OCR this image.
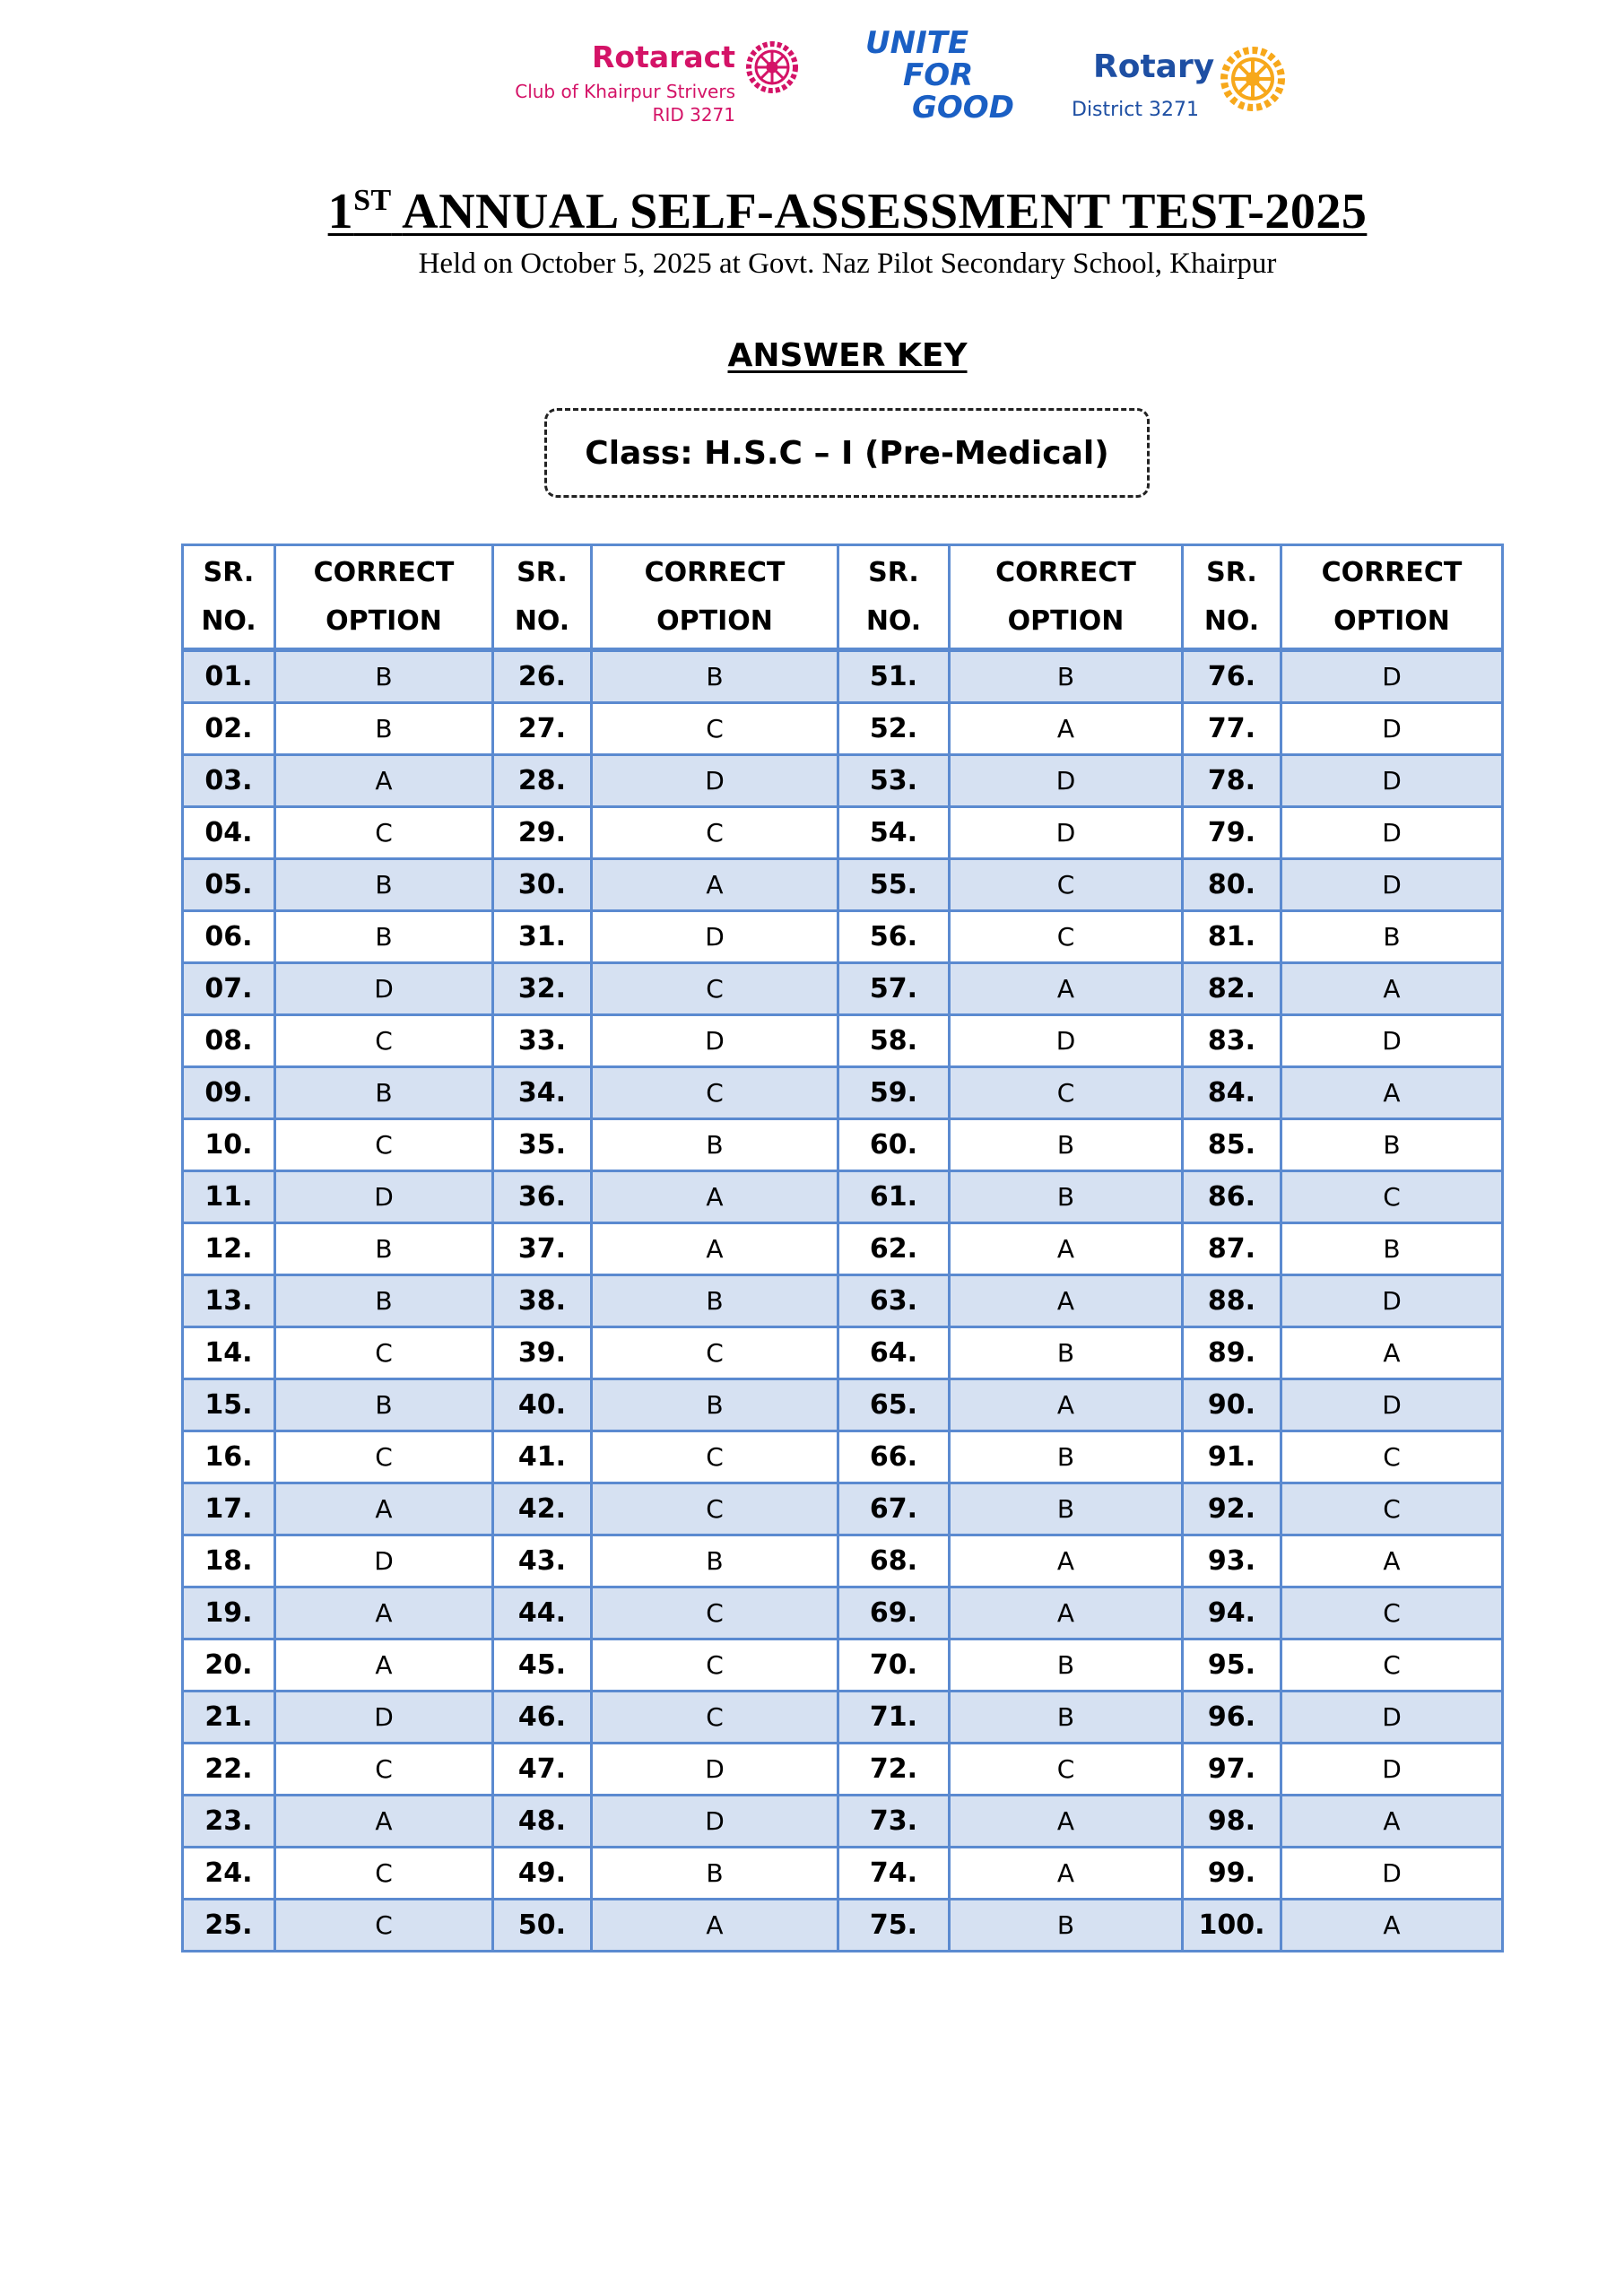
Rotaract
Club of Khairpur Strivers
RID 3271
UNITE
FOR
GOOD
Rotary
District 3271
1ST ANNUAL SELF-ASSESSMENT TEST-2025
Held on October 5, 2025 at Govt. Naz Pilot Secondary School, Khairpur
ANSWER KEY
Class: H.S.C – I (Pre-Medical)
SR.
NO.	CORRECT
OPTION	SR.
NO.	CORRECT
OPTION	SR.
NO.	CORRECT
OPTION	SR.
NO.	CORRECT
OPTION
01.	B	26.	B	51.	B	76.	D
02.	B	27.	C	52.	A	77.	D
03.	A	28.	D	53.	D	78.	D
04.	C	29.	C	54.	D	79.	D
05.	B	30.	A	55.	C	80.	D
06.	B	31.	D	56.	C	81.	B
07.	D	32.	C	57.	A	82.	A
08.	C	33.	D	58.	D	83.	D
09.	B	34.	C	59.	C	84.	A
10.	C	35.	B	60.	B	85.	B
11.	D	36.	A	61.	B	86.	C
12.	B	37.	A	62.	A	87.	B
13.	B	38.	B	63.	A	88.	D
14.	C	39.	C	64.	B	89.	A
15.	B	40.	B	65.	A	90.	D
16.	C	41.	C	66.	B	91.	C
17.	A	42.	C	67.	B	92.	C
18.	D	43.	B	68.	A	93.	A
19.	A	44.	C	69.	A	94.	C
20.	A	45.	C	70.	B	95.	C
21.	D	46.	C	71.	B	96.	D
22.	C	47.	D	72.	C	97.	D
23.	A	48.	D	73.	A	98.	A
24.	C	49.	B	74.	A	99.	D
25.	C	50.	A	75.	B	100.	A
